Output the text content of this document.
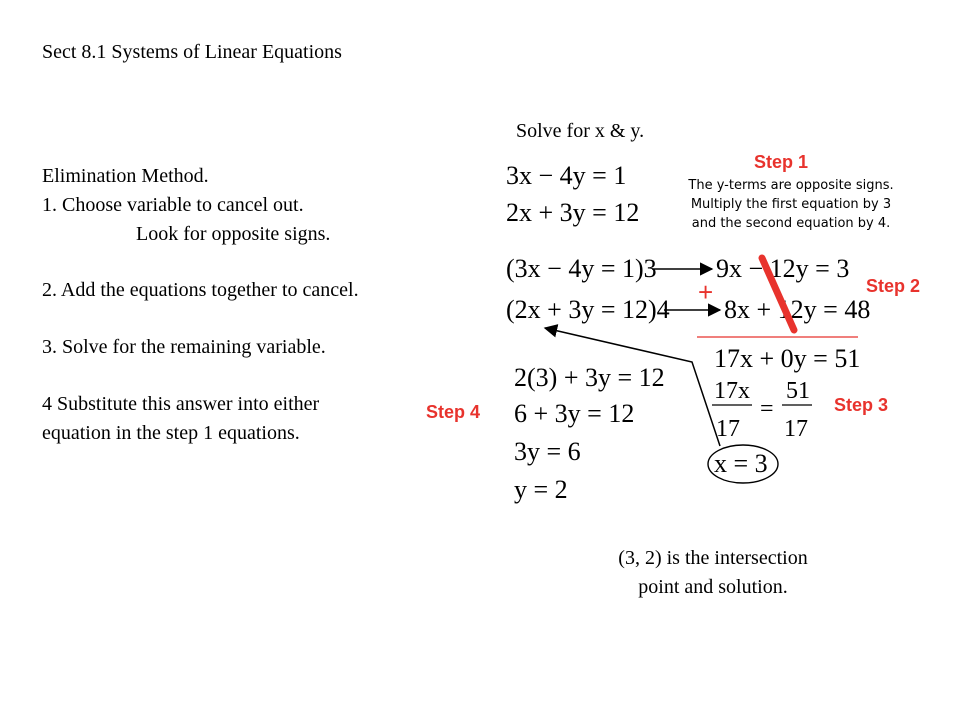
Sect 8.1 Systems of Linear Equations
Elimination Method.
1. Choose variable to cancel out.
Look for opposite signs.
2. Add the equations together to cancel.
3. Solve for the remaining variable.
4 Substitute this answer into either
equation in the step 1 equations.
Solve for x & y.
Step 1
Step 2
Step 3
Step 4
The y-terms are opposite signs.
Multiply the first equation by 3
and the second equation by 4.
3x − 4y = 1
2x + 3y = 12
(3x − 4y = 1)3 9x − 12y = 3
(2x + 3y = 12)4 8x + 12y = 48
+
17x + 0y = 51
17x
17
=
51
17
x = 3
2(3) + 3y = 12
6 + 3y = 12
3y = 6
y = 2
(3, 2) is the intersection
point and solution.
